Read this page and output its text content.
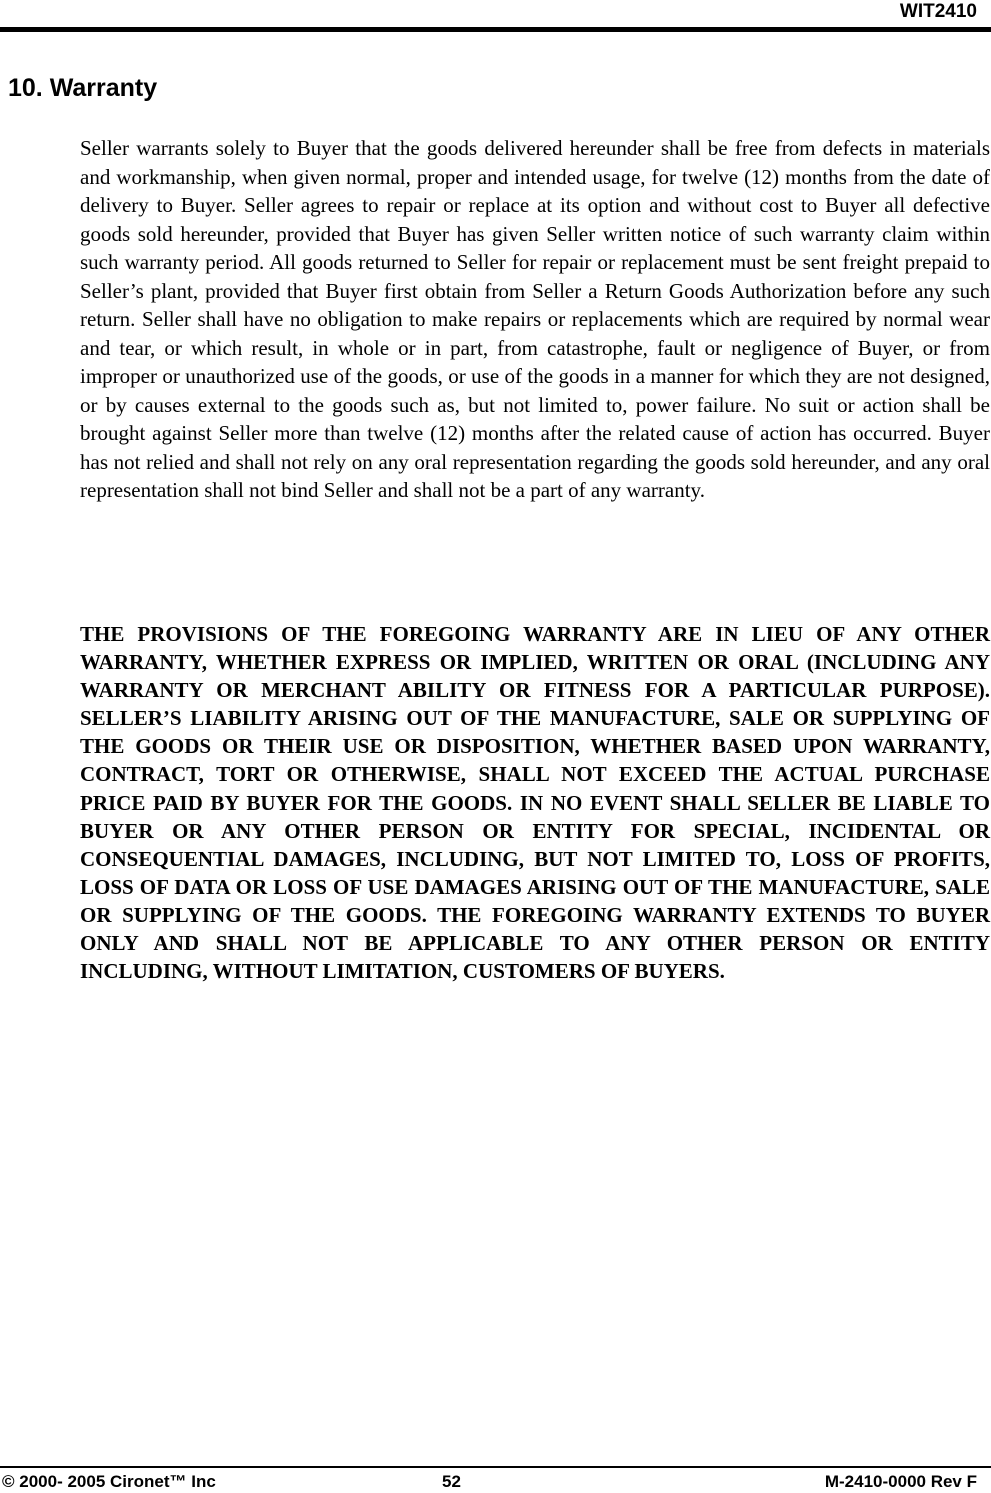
WIT2410
10. Warranty

Seller warrants solely to Buyer that the goods delivered hereunder shall be free from defects in materials and workmanship, when given normal, proper and intended usage, for twelve (12) months from the date of delivery to Buyer. Seller agrees to repair or replace at its option and without cost to Buyer all defective goods sold hereunder, provided that Buyer has given Seller written notice of such warranty claim within such warranty period. All goods returned to Seller for repair or replacement must be sent freight prepaid to Seller’s plant, provided that Buyer first obtain from Seller a Return Goods Authorization before any such return. Seller shall have no obligation to make repairs or replacements which are required by normal wear and tear, or which result, in whole or in part, from catastrophe, fault or negligence of Buyer, or from improper or unauthorized use of the goods, or use of the goods in a manner for which they are not designed, or by causes external to the goods such as, but not limited to, power failure. No suit or action shall be brought against Seller more than twelve (12) months after the related cause of action has occurred. Buyer has not relied and shall not rely on any oral representation regarding the goods sold hereunder, and any oral representation shall not bind Seller and shall not be a part of any warranty.

THE PROVISIONS OF THE FOREGOING WARRANTY ARE IN LIEU OF ANY OTHER WARRANTY, WHETHER EXPRESS OR IMPLIED, WRITTEN OR ORAL (INCLUDING ANY WARRANTY OR MERCHANT ABILITY OR FITNESS FOR A PARTICULAR PURPOSE). SELLER’S LIABILITY ARISING OUT OF THE MANUFACTURE, SALE OR SUPPLYING OF THE GOODS OR THEIR USE OR DISPOSITION, WHETHER BASED UPON WARRANTY, CONTRACT, TORT OR OTHERWISE, SHALL NOT EXCEED THE ACTUAL PURCHASE PRICE PAID BY BUYER FOR THE GOODS. IN NO EVENT SHALL SELLER BE LIABLE TO BUYER OR ANY OTHER PERSON OR ENTITY FOR SPECIAL, INCIDENTAL OR CONSEQUENTIAL DAMAGES, INCLUDING, BUT NOT LIMITED TO, LOSS OF PROFITS, LOSS OF DATA OR LOSS OF USE DAMAGES ARISING OUT OF THE MANUFACTURE, SALE OR SUPPLYING OF THE GOODS. THE FOREGOING WARRANTY EXTENDS TO BUYER ONLY AND SHALL NOT BE APPLICABLE TO ANY OTHER PERSON OR ENTITY INCLUDING, WITHOUT LIMITATION, CUSTOMERS OF BUYERS.

© 2000- 2005 Cironet™ Inc	52	M-2410-0000 Rev F
